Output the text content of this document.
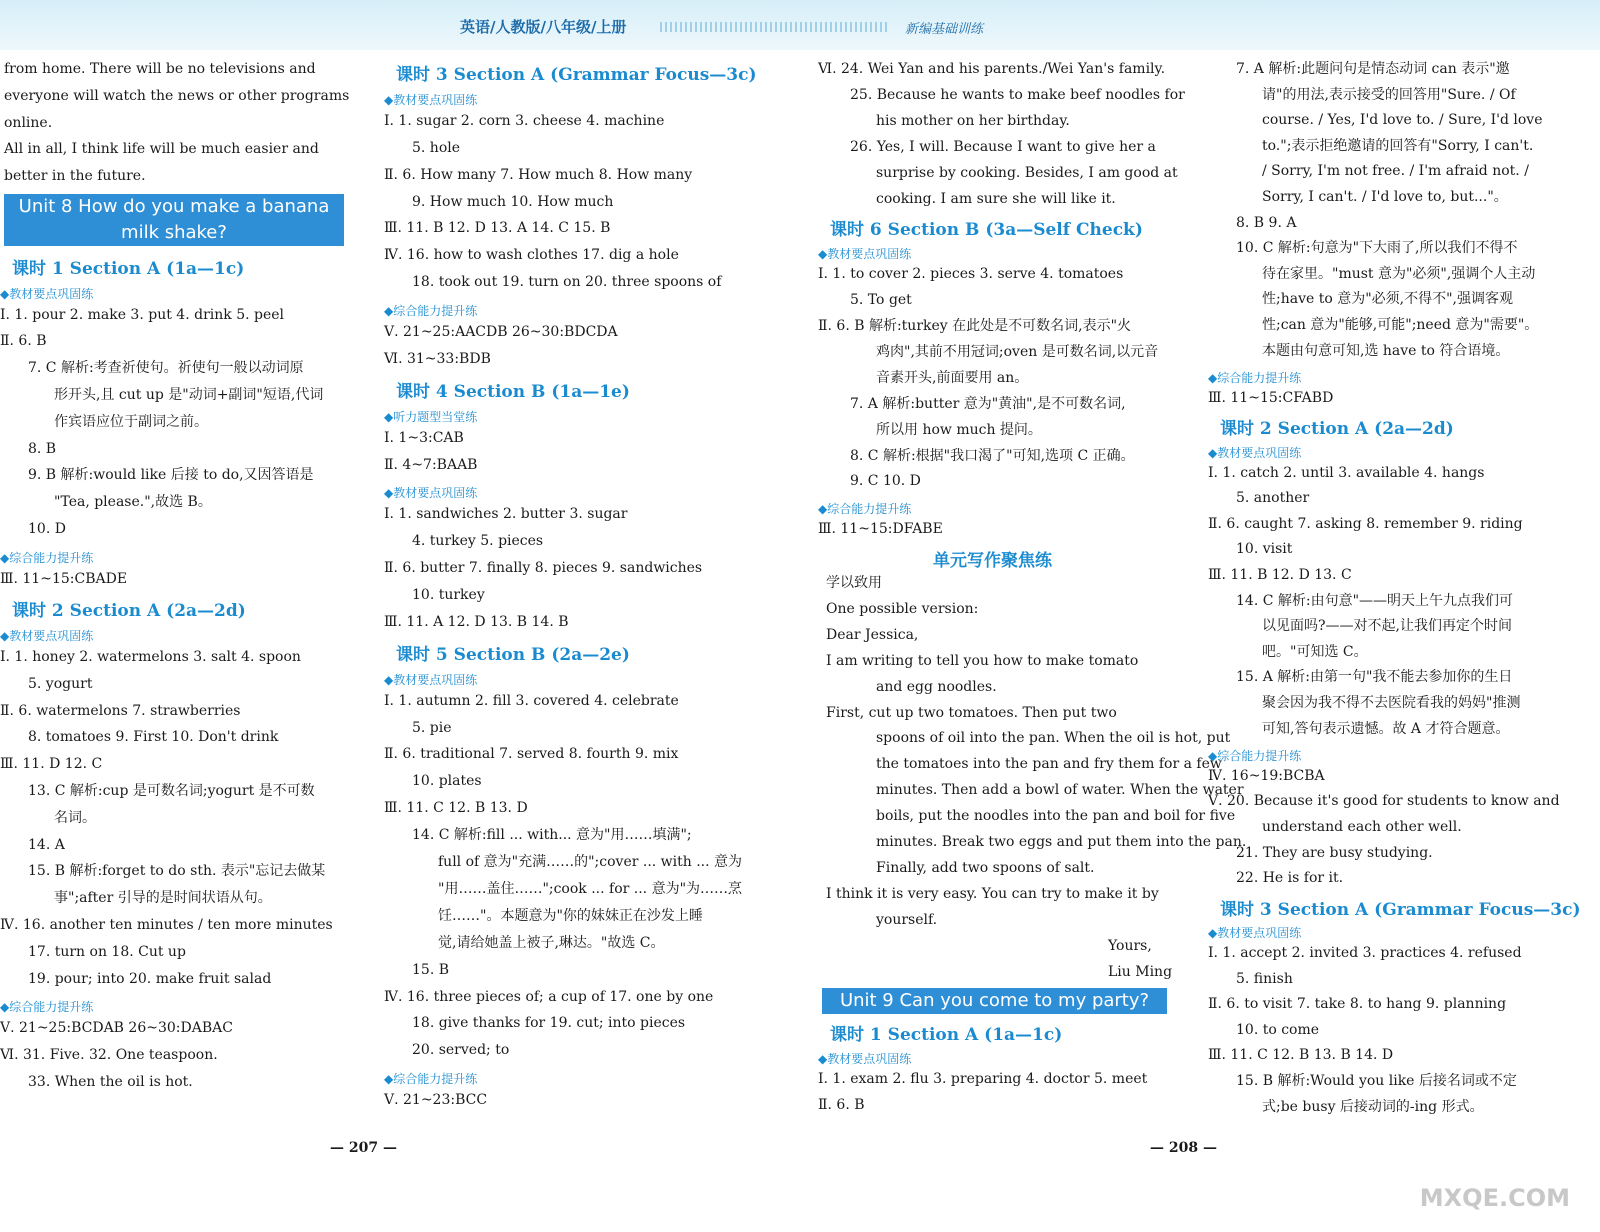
英语/人教版/八年级/上册	新编基础训练
from home. There will be no televisions and
everyone will watch the news or other programs
online.
All in all, I think life will be much easier and
better in the future.
Unit 8 How do you make a banana milk shake?
课时 1 Section A (1a—1c)
◆教材要点巩固练
Ⅰ. 1. pour 2. make 3. put 4. drink 5. peel
Ⅱ. 6. B
7. C 解析:考查祈使句。祈使句一般以动词原
形开头,且 cut up 是"动词+副词"短语,代词
作宾语应位于副词之前。
8. B
9. B 解析:would like 后接 to do,又因答语是
"Tea, please.",故选 B。
10. D
◆综合能力提升练
Ⅲ. 11~15:CBADE
课时 2 Section A (2a—2d)
◆教材要点巩固练
Ⅰ. 1. honey 2. watermelons 3. salt 4. spoon
5. yogurt
Ⅱ. 6. watermelons 7. strawberries
8. tomatoes 9. First 10. Don't drink
Ⅲ. 11. D 12. C
13. C 解析:cup 是可数名词;yogurt 是不可数
名词。
14. A
15. B 解析:forget to do sth. 表示"忘记去做某
事";after 引导的是时间状语从句。
Ⅳ. 16. another ten minutes / ten more minutes
17. turn on 18. Cut up
19. pour; into 20. make fruit salad
◆综合能力提升练
Ⅴ. 21~25:BCDAB 26~30:DABAC
Ⅵ. 31. Five. 32. One teaspoon.
33. When the oil is hot.
课时 3 Section A (Grammar Focus—3c)
◆教材要点巩固练
Ⅰ. 1. sugar 2. corn 3. cheese 4. machine
5. hole
Ⅱ. 6. How many 7. How much 8. How many
9. How much 10. How much
Ⅲ. 11. B 12. D 13. A 14. C 15. B
Ⅳ. 16. how to wash clothes 17. dig a hole
18. took out 19. turn on 20. three spoons of
◆综合能力提升练
Ⅴ. 21~25:AACDB 26~30:BDCDA
Ⅵ. 31~33:BDB
课时 4 Section B (1a—1e)
◆听力题型当堂练
Ⅰ. 1~3:CAB
Ⅱ. 4~7:BAAB
◆教材要点巩固练
Ⅰ. 1. sandwiches 2. butter 3. sugar
4. turkey 5. pieces
Ⅱ. 6. butter 7. finally 8. pieces 9. sandwiches
10. turkey
Ⅲ. 11. A 12. D 13. B 14. B
课时 5 Section B (2a—2e)
◆教材要点巩固练
Ⅰ. 1. autumn 2. fill 3. covered 4. celebrate
5. pie
Ⅱ. 6. traditional 7. served 8. fourth 9. mix
10. plates
Ⅲ. 11. C 12. B 13. D
14. C 解析:fill ... with... 意为"用……填满";
full of 意为"充满……的";cover ... with ... 意为
"用……盖住……";cook ... for ... 意为"为……烹
饪……"。本题意为"你的妹妹正在沙发上睡
觉,请给她盖上被子,琳达。"故选 C。
15. B
Ⅳ. 16. three pieces of; a cup of 17. one by one
18. give thanks for 19. cut; into pieces
20. served; to
◆综合能力提升练
Ⅴ. 21~23:BCC
Ⅵ. 24. Wei Yan and his parents./Wei Yan's family.
25. Because he wants to make beef noodles for
his mother on her birthday.
26. Yes, I will. Because I want to give her a
surprise by cooking. Besides, I am good at
cooking. I am sure she will like it.
课时 6 Section B (3a—Self Check)
◆教材要点巩固练
Ⅰ. 1. to cover 2. pieces 3. serve 4. tomatoes
5. To get
Ⅱ. 6. B 解析:turkey 在此处是不可数名词,表示"火
鸡肉",其前不用冠词;oven 是可数名词,以元音
音素开头,前面要用 an。
7. A 解析:butter 意为"黄油",是不可数名词,
所以用 how much 提问。
8. C 解析:根据"我口渴了"可知,选项 C 正确。
9. C 10. D
◆综合能力提升练
Ⅲ. 11~15:DFABE
单元写作聚焦练
学以致用
One possible version:
Dear Jessica,
I am writing to tell you how to make tomato
and egg noodles.
First, cut up two tomatoes. Then put two
spoons of oil into the pan. When the oil is hot, put
the tomatoes into the pan and fry them for a few
minutes. Then add a bowl of water. When the water
boils, put the noodles into the pan and boil for five
minutes. Break two eggs and put them into the pan.
Finally, add two spoons of salt.
I think it is very easy. You can try to make it by
yourself.
Yours,
Liu Ming
Unit 9 Can you come to my party?
课时 1 Section A (1a—1c)
◆教材要点巩固练
Ⅰ. 1. exam 2. flu 3. preparing 4. doctor 5. meet
Ⅱ. 6. B
7. A 解析:此题问句是情态动词 can 表示"邀
请"的用法,表示接受的回答用"Sure. / Of
course. / Yes, I'd love to. / Sure, I'd love
to.";表示拒绝邀请的回答有"Sorry, I can't.
/ Sorry, I'm not free. / I'm afraid not. /
Sorry, I can't. / I'd love to, but..."。
8. B 9. A
10. C 解析:句意为"下大雨了,所以我们不得不
待在家里。"must 意为"必须",强调个人主动
性;have to 意为"必须,不得不",强调客观
性;can 意为"能够,可能";need 意为"需要"。
本题由句意可知,选 have to 符合语境。
◆综合能力提升练
Ⅲ. 11~15:CFABD
课时 2 Section A (2a—2d)
◆教材要点巩固练
Ⅰ. 1. catch 2. until 3. available 4. hangs
5. another
Ⅱ. 6. caught 7. asking 8. remember 9. riding
10. visit
Ⅲ. 11. B 12. D 13. C
14. C 解析:由句意"——明天上午九点我们可
以见面吗?——对不起,让我们再定个时间
吧。"可知选 C。
15. A 解析:由第一句"我不能去参加你的生日
聚会因为我不得不去医院看我的妈妈"推测
可知,答句表示遗憾。故 A 才符合题意。
◆综合能力提升练
Ⅳ. 16~19:BCBA
Ⅴ. 20. Because it's good for students to know and
understand each other well.
21. They are busy studying.
22. He is for it.
课时 3 Section A (Grammar Focus—3c)
◆教材要点巩固练
Ⅰ. 1. accept 2. invited 3. practices 4. refused
5. finish
Ⅱ. 6. to visit 7. take 8. to hang 9. planning
10. to come
Ⅲ. 11. C 12. B 13. B 14. D
15. B 解析:Would you like 后接名词或不定
式;be busy 后接动词的-ing 形式。
— 207 —	— 208 —
MXQE.COM
